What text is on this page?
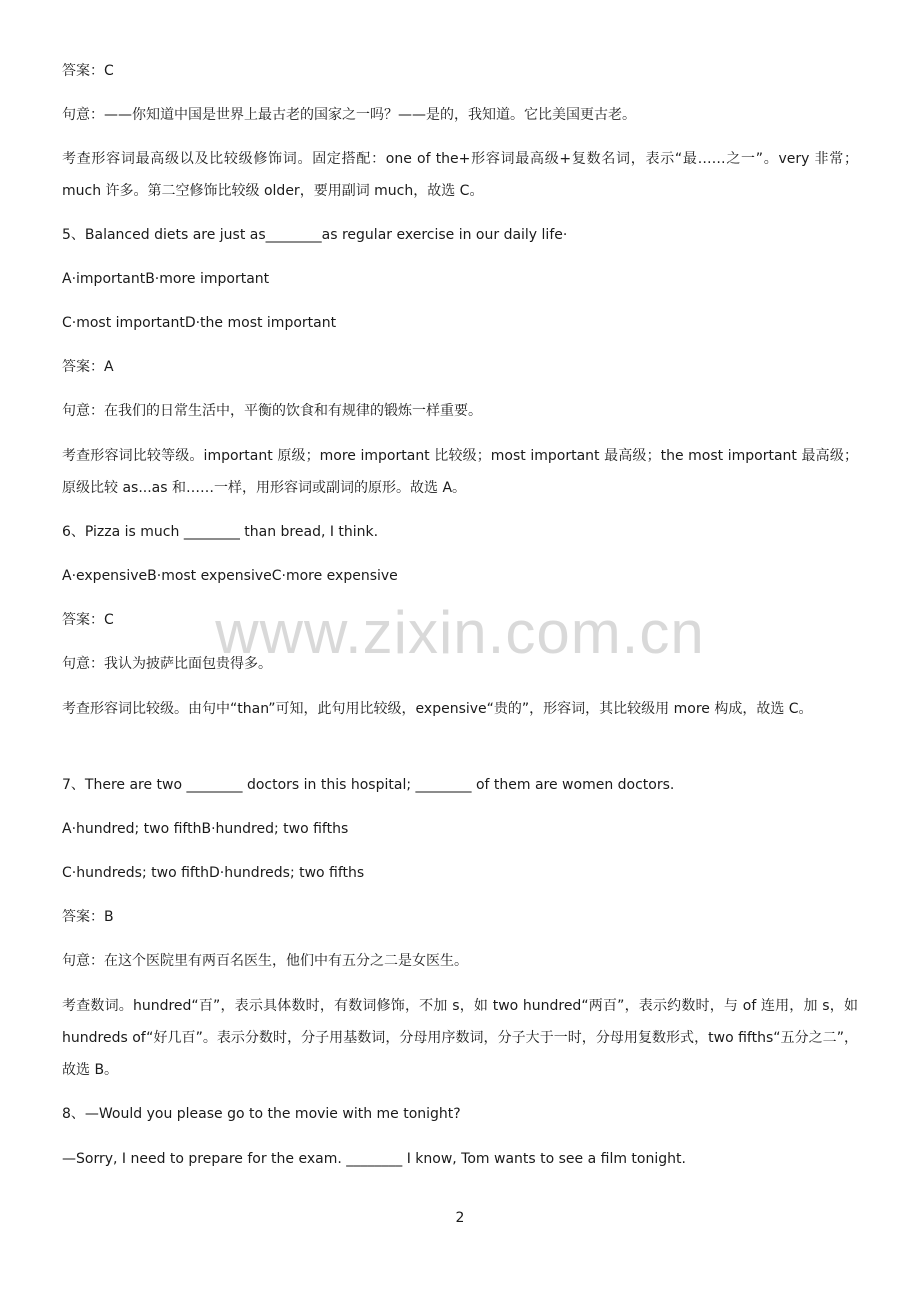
答案：C
句意：——你知道中国是世界上最古老的国家之一吗？——是的，我知道。它比美国更古老。
考查形容词最高级以及比较级修饰词。固定搭配：one of the+形容词最高级+复数名词，表示“最……之一”。very 非常；much 许多。第二空修饰比较级 older，要用副词 much，故选 C。
5、Balanced diets are just as________as regular exercise in our daily life·
A·importantB·more important
C·most importantD·the most important
答案：A
句意：在我们的日常生活中，平衡的饮食和有规律的锻炼一样重要。
考查形容词比较等级。important 原级；more important 比较级；most important 最高级；the most important 最高级；原级比较 as...as 和……一样，用形容词或副词的原形。故选 A。
6、Pizza is much ________ than bread, I think.
A·expensiveB·most expensiveC·more expensive
答案：C
句意：我认为披萨比面包贵得多。
考查形容词比较级。由句中“than”可知，此句用比较级，expensive“贵的”，形容词，其比较级用 more 构成，故选 C。
7、There are two ________ doctors in this hospital; ________ of them are women doctors.
A·hundred; two fifthB·hundred; two fifths
C·hundreds; two fifthD·hundreds; two fifths
答案：B
句意：在这个医院里有两百名医生，他们中有五分之二是女医生。
考查数词。hundred“百”，表示具体数时，有数词修饰，不加 s，如 two hundred“两百”，表示约数时，与 of 连用，加 s，如 hundreds of“好几百”。表示分数时，分子用基数词，分母用序数词，分子大于一时，分母用复数形式，two fifths“五分之二”，故选 B。
8、—Would you please go to the movie with me tonight?
—Sorry, I need to prepare for the exam. ________ I know, Tom wants to see a film tonight.
www.zixin.com.cn
2
